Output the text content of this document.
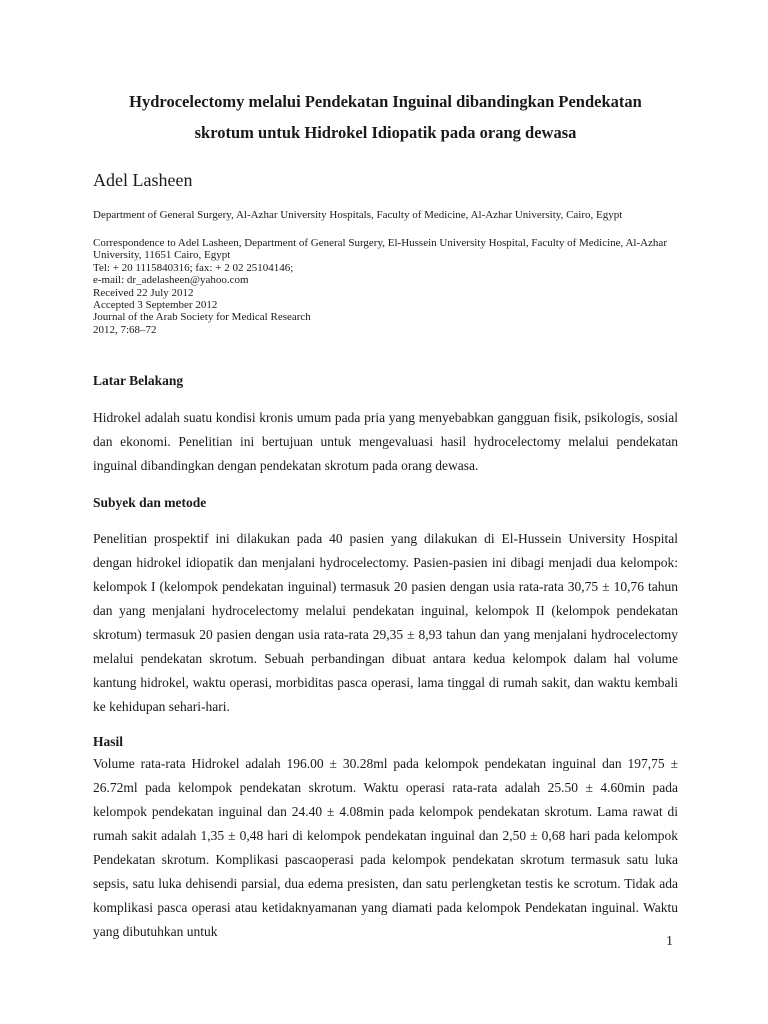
Hydrocelectomy melalui Pendekatan Inguinal dibandingkan Pendekatan
skrotum untuk Hidrokel Idiopatik pada orang dewasa
Adel Lasheen
Department of General Surgery, Al-Azhar University Hospitals, Faculty of Medicine, Al-Azhar University, Cairo, Egypt
Correspondence to Adel Lasheen, Department of General Surgery, El-Hussein University Hospital, Faculty of Medicine, Al-Azhar University, 11651 Cairo, Egypt
Tel: + 20 1115840316; fax: + 2 02 25104146;
e-mail: dr_adelasheen@yahoo.com
Received 22 July 2012
Accepted 3 September 2012
Journal of the Arab Society for Medical Research
2012, 7:68–72
Latar Belakang

Hidrokel adalah suatu kondisi kronis umum pada pria yang menyebabkan gangguan fisik, psikologis, sosial dan ekonomi. Penelitian ini bertujuan untuk mengevaluasi hasil hydrocelectomy melalui pendekatan inguinal dibandingkan dengan pendekatan skrotum pada orang dewasa.

Subyek dan metode

Penelitian prospektif ini dilakukan pada 40 pasien yang dilakukan di El-Hussein University Hospital dengan hidrokel idiopatik dan menjalani hydrocelectomy. Pasien-pasien ini dibagi menjadi dua kelompok: kelompok I (kelompok pendekatan inguinal) termasuk 20 pasien dengan usia rata-rata 30,75 ± 10,76 tahun dan yang menjalani hydrocelectomy melalui pendekatan inguinal, kelompok II (kelompok pendekatan skrotum) termasuk 20 pasien dengan usia rata-rata 29,35 ± 8,93 tahun dan yang menjalani hydrocelectomy melalui pendekatan skrotum. Sebuah perbandingan dibuat antara kedua kelompok dalam hal volume kantung hidrokel, waktu operasi, morbiditas pasca operasi, lama tinggal di rumah sakit, dan waktu kembali ke kehidupan sehari-hari.

Hasil

Volume rata-rata Hidrokel adalah 196.00 ± 30.28ml pada kelompok pendekatan inguinal dan 197,75 ± 26.72ml pada kelompok pendekatan skrotum. Waktu operasi rata-rata adalah 25.50 ± 4.60min pada kelompok pendekatan inguinal dan 24.40 ± 4.08min pada kelompok pendekatan skrotum. Lama rawat di rumah sakit adalah 1,35 ± 0,48 hari di kelompok pendekatan inguinal dan 2,50 ± 0,68 hari pada kelompok Pendekatan skrotum. Komplikasi pascaoperasi pada kelompok pendekatan skrotum termasuk satu luka sepsis, satu luka dehisendi parsial, dua edema presisten, dan satu perlengketan testis ke scrotum. Tidak ada komplikasi pasca operasi atau ketidaknyamanan yang diamati pada kelompok Pendekatan inguinal. Waktu yang dibutuhkan untuk

1
